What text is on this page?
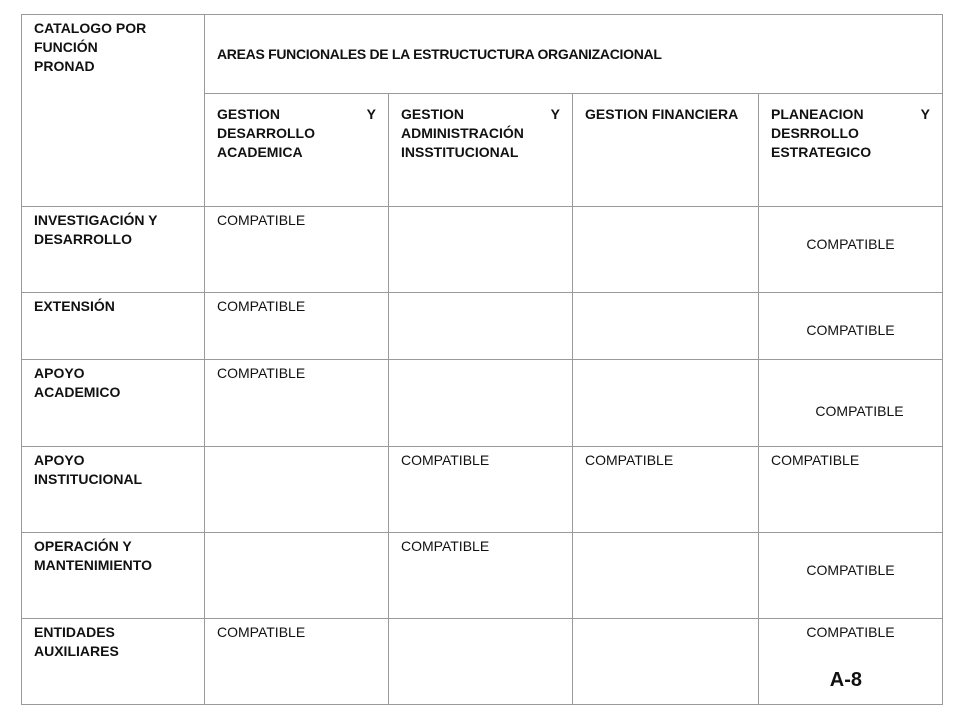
CATALOGO POR
FUNCIÓN
PRONAD	AREAS FUNCIONALES DE LA ESTRUCTUCTURA ORGANIZACIONAL			
	GESTION Y DESARROLLO ACADEMICA	GESTION Y ADMINISTRACIÓN INSSTITUCIONAL	GESTION FINANCIERA	PLANEACION Y DESRROLLO ESTRATEGICO
INVESTIGACIÓN Y DESARROLLO	COMPATIBLE			COMPATIBLE

EXTENSIÓN	COMPATIBLE			COMPATIBLE

APOYO ACADEMICO	COMPATIBLE			COMPATIBLE

APOYO INSTITUCIONAL		COMPATIBLE	COMPATIBLE	COMPATIBLE
OPERACIÓN Y MANTENIMIENTO		COMPATIBLE		COMPATIBLE

ENTIDADES AUXILIARES	COMPATIBLE			COMPATIBLE
A-8
